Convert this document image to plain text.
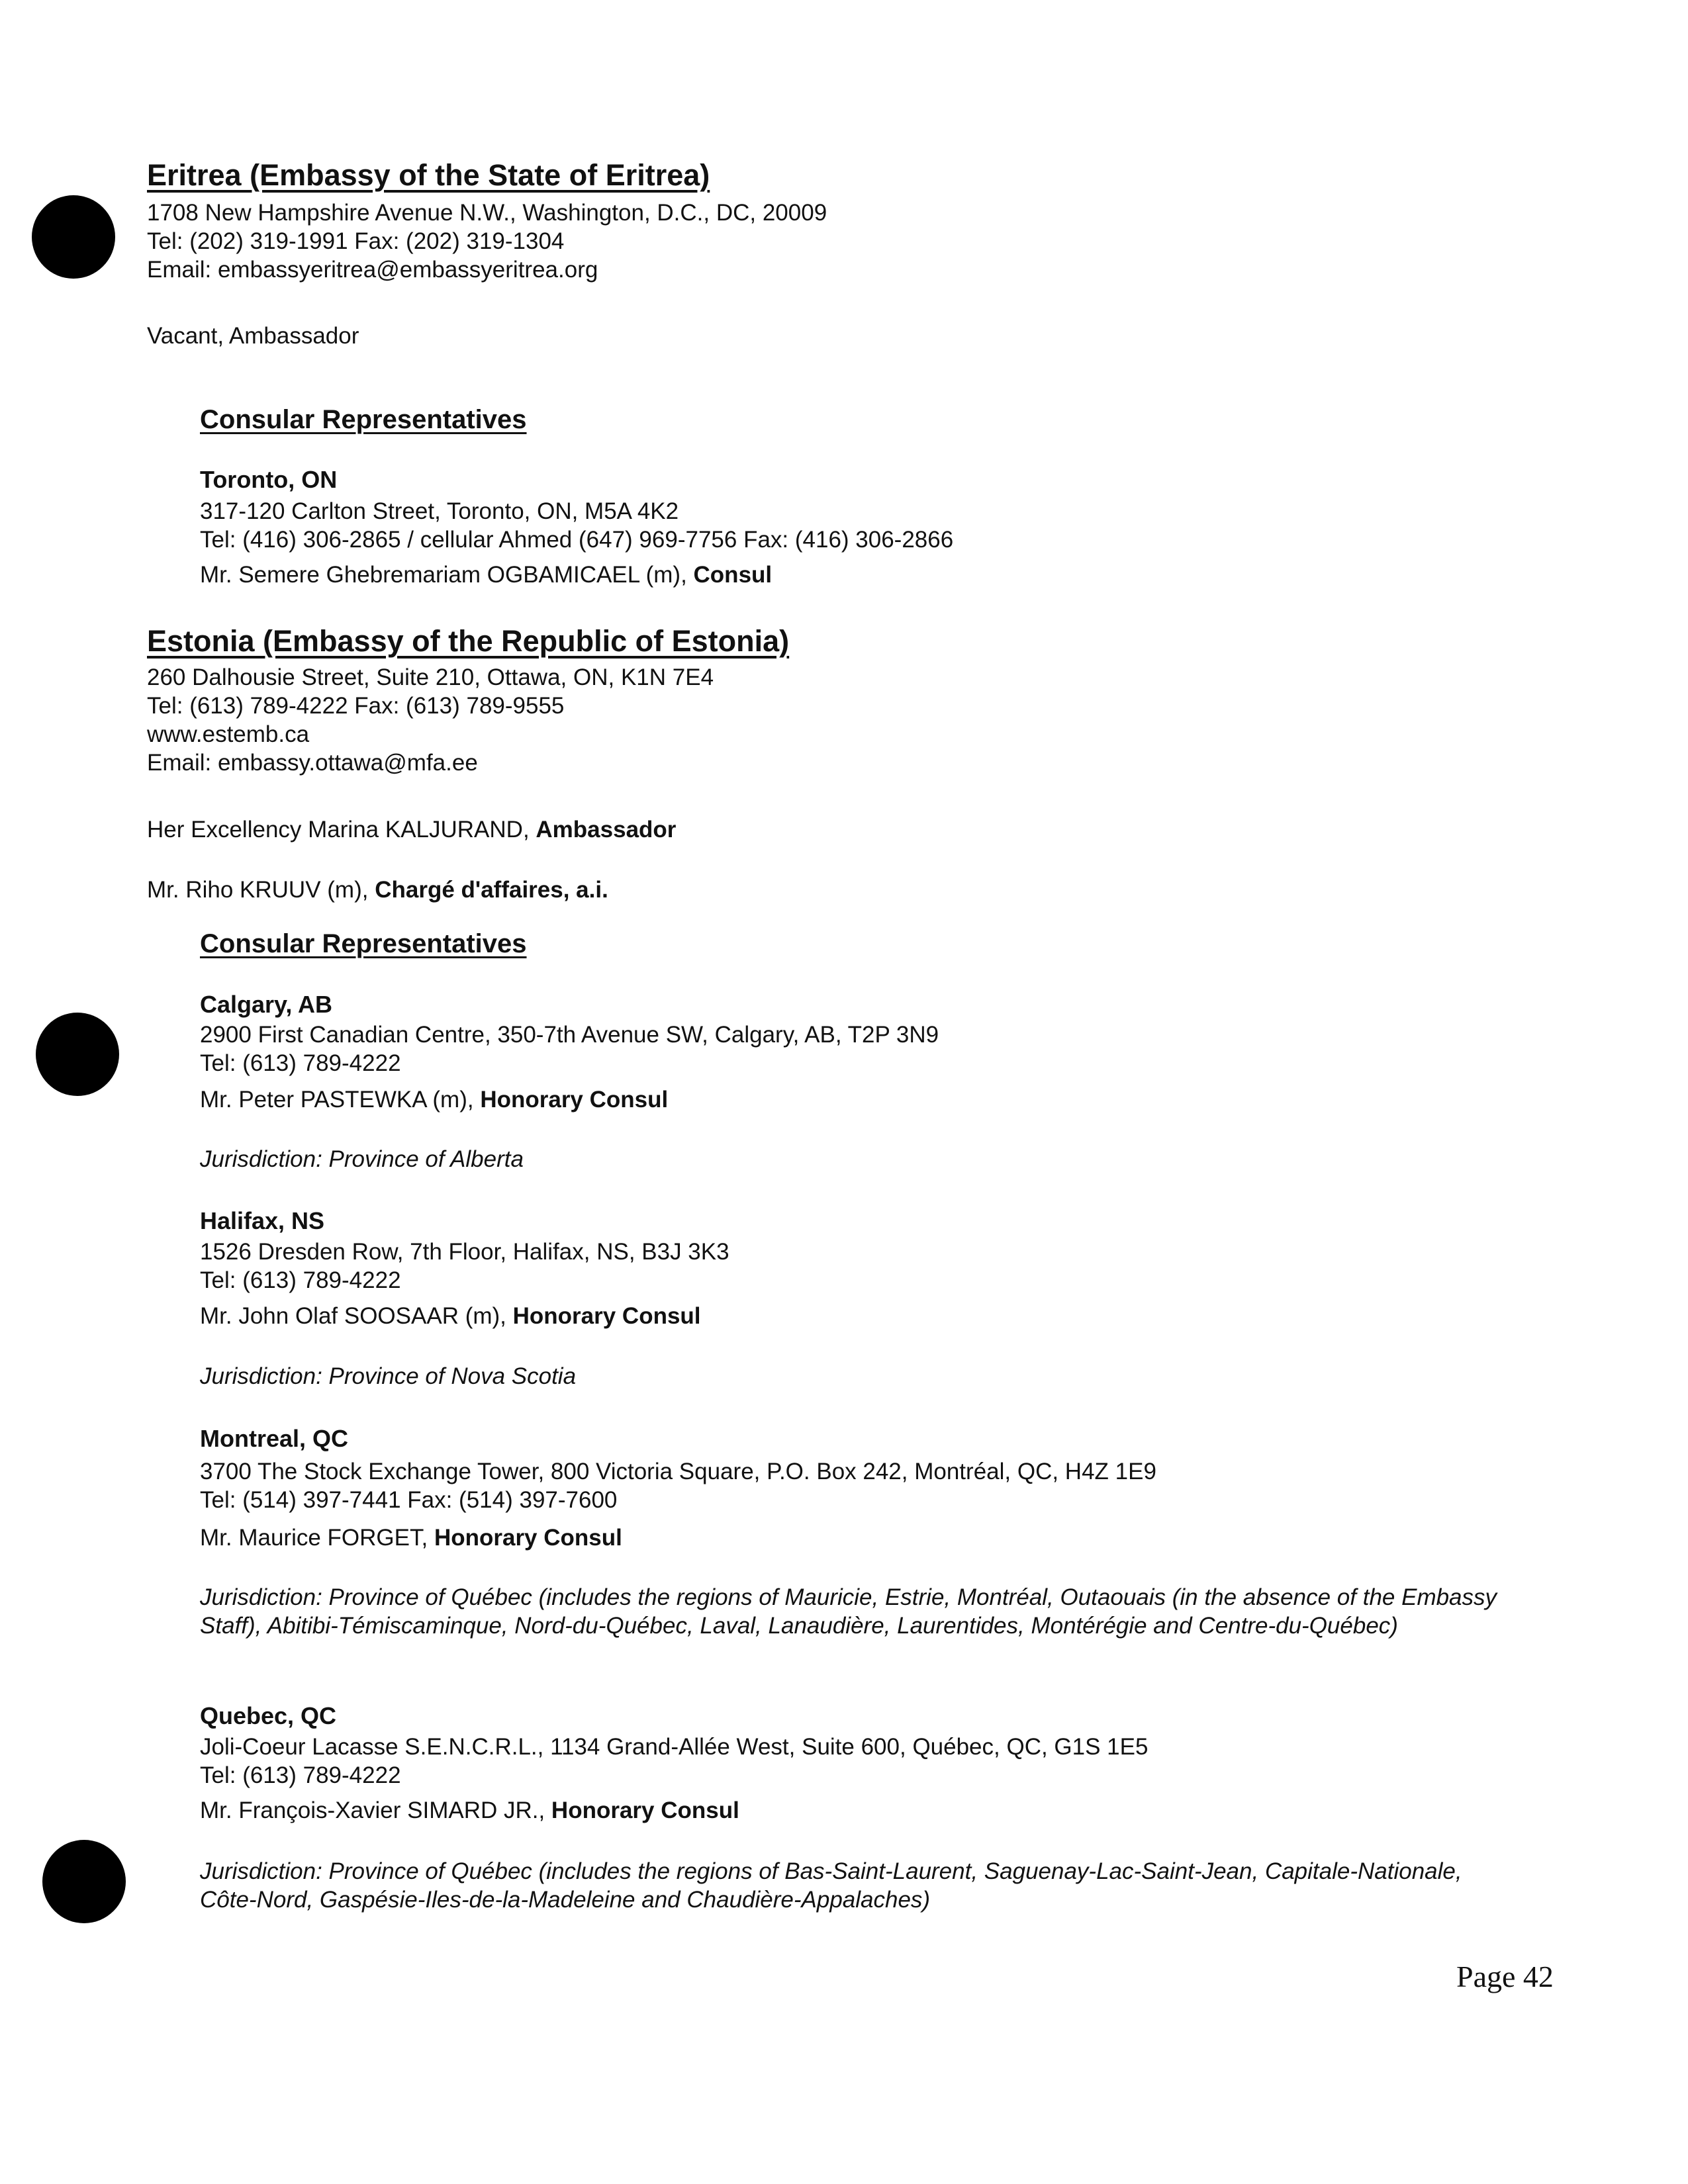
Eritrea (Embassy of the State of Eritrea)
1708 New Hampshire Avenue N.W., Washington, D.C., DC, 20009
Tel: (202) 319-1991 Fax: (202) 319-1304
Email: embassyeritrea@embassyeritrea.org
Vacant, Ambassador
Consular Representatives
Toronto, ON
317-120 Carlton Street, Toronto, ON, M5A 4K2
Tel: (416) 306-2865 / cellular Ahmed (647) 969-7756 Fax: (416) 306-2866
Mr. Semere Ghebremariam OGBAMICAEL (m), Consul
Estonia (Embassy of the Republic of Estonia)
260 Dalhousie Street, Suite 210, Ottawa, ON, K1N 7E4
Tel: (613) 789-4222 Fax: (613) 789-9555
www.estemb.ca
Email: embassy.ottawa@mfa.ee
Her Excellency Marina KALJURAND, Ambassador
Mr. Riho KRUUV (m), Chargé d'affaires, a.i.
Consular Representatives
Calgary, AB
2900 First Canadian Centre, 350-7th Avenue SW, Calgary, AB, T2P 3N9
Tel: (613) 789-4222
Mr. Peter PASTEWKA (m), Honorary Consul
Jurisdiction: Province of Alberta
Halifax, NS
1526 Dresden Row, 7th Floor, Halifax, NS, B3J 3K3
Tel: (613) 789-4222
Mr. John Olaf SOOSAAR (m), Honorary Consul
Jurisdiction: Province of Nova Scotia
Montreal, QC
3700 The Stock Exchange Tower, 800 Victoria Square, P.O. Box 242, Montréal, QC, H4Z 1E9
Tel: (514) 397-7441 Fax: (514) 397-7600
Mr. Maurice FORGET, Honorary Consul
Jurisdiction: Province of Québec (includes the regions of Mauricie, Estrie, Montréal, Outaouais (in the absence of the Embassy Staff), Abitibi-Témiscaminque, Nord-du-Québec, Laval, Lanaudière, Laurentides, Montérégie and Centre-du-Québec)
Quebec, QC
Joli-Coeur Lacasse S.E.N.C.R.L., 1134 Grand-Allée West, Suite 600, Québec, QC, G1S 1E5
Tel: (613) 789-4222
Mr. François-Xavier SIMARD JR., Honorary Consul
Jurisdiction: Province of Québec (includes the regions of Bas-Saint-Laurent, Saguenay-Lac-Saint-Jean, Capitale-Nationale, Côte-Nord, Gaspésie-Iles-de-la-Madeleine and Chaudière-Appalaches)
Page 42
